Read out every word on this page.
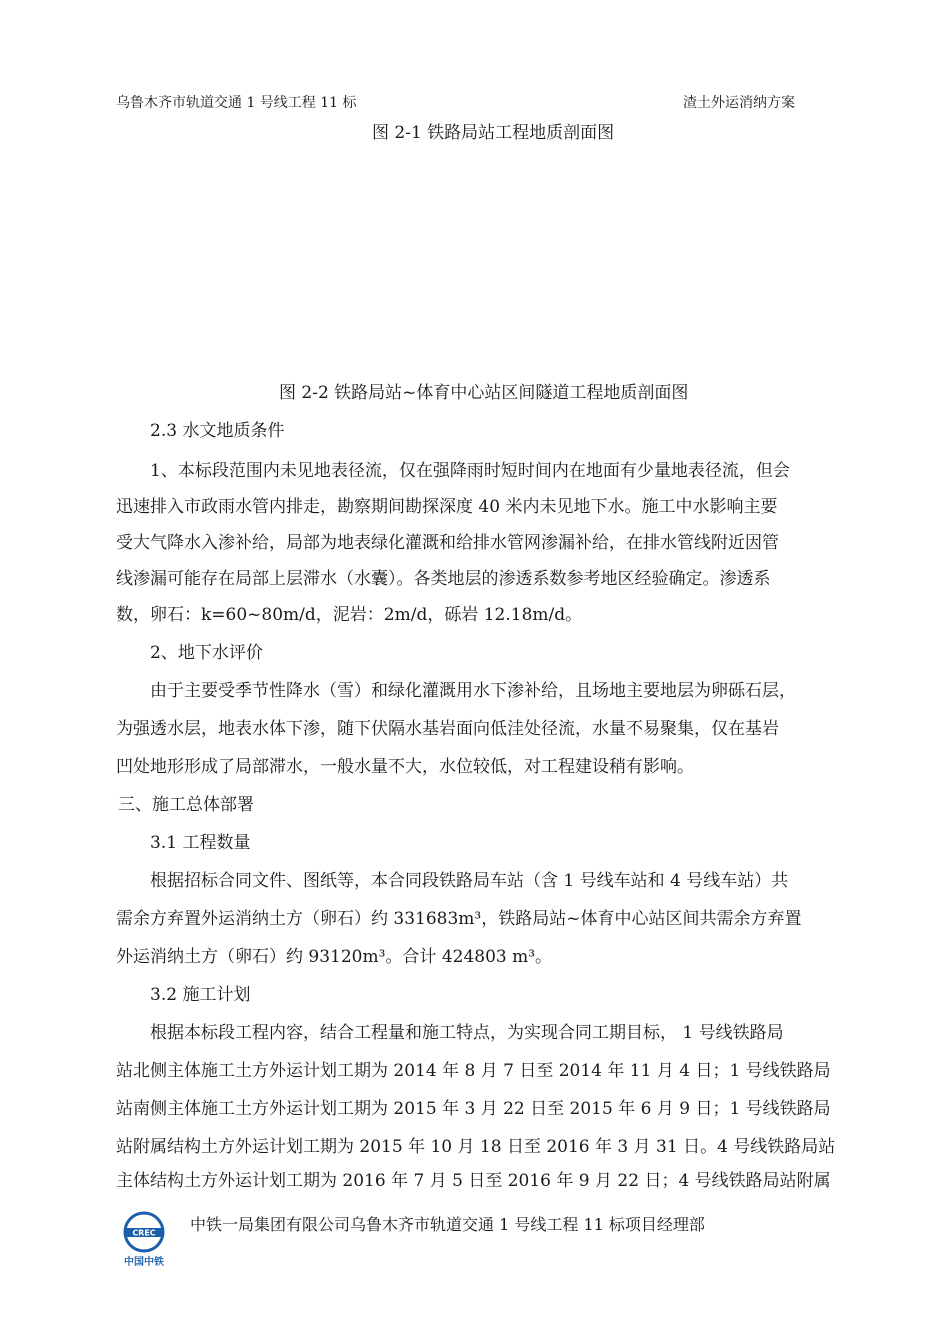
乌鲁木齐市轨道交通 1 号线工程 11 标	渣土外运消纳方案
图 2-1 铁路局站工程地质剖面图
图 2-2 铁路局站~体育中心站区间隧道工程地质剖面图
2.3 水文地质条件
1、本标段范围内未见地表径流，仅在强降雨时短时间内在地面有少量地表径流，但会
迅速排入市政雨水管内排走，勘察期间勘探深度 40 米内未见地下水。施工中水影响主要
受大气降水入渗补给，局部为地表绿化灌溉和给排水管网渗漏补给，在排水管线附近因管
线渗漏可能存在局部上层滞水（水囊）。各类地层的渗透系数参考地区经验确定。渗透系
数，卵石：k=60~80m/d，泥岩：2m/d，砾岩 12.18m/d。
2、地下水评价
由于主要受季节性降水（雪）和绿化灌溉用水下渗补给，且场地主要地层为卵砾石层，
为强透水层，地表水体下渗，随下伏隔水基岩面向低洼处径流，水量不易聚集，仅在基岩
凹处地形形成了局部滞水，一般水量不大，水位较低，对工程建设稍有影响。
三、施工总体部署
3.1 工程数量
根据招标合同文件、图纸等，本合同段铁路局车站（含 1 号线车站和 4 号线车站）共
需余方弃置外运消纳土方（卵石）约 331683m³，铁路局站~体育中心站区间共需余方弃置
外运消纳土方（卵石）约 93120m³。合计 424803 m³。
3.2 施工计划
根据本标段工程内容，结合工程量和施工特点，为实现合同工期目标， 1 号线铁路局
站北侧主体施工土方外运计划工期为 2014 年 8 月 7 日至 2014 年 11 月 4 日；1 号线铁路局
站南侧主体施工土方外运计划工期为 2015 年 3 月 22 日至 2015 年 6 月 9 日；1 号线铁路局
站附属结构土方外运计划工期为 2015 年 10 月 18 日至 2016 年 3 月 31 日。4 号线铁路局站
主体结构土方外运计划工期为 2016 年 7 月 5 日至 2016 年 9 月 22 日；4 号线铁路局站附属
CREC
中国中铁
中铁一局集团有限公司乌鲁木齐市轨道交通 1 号线工程 11 标项目经理部
